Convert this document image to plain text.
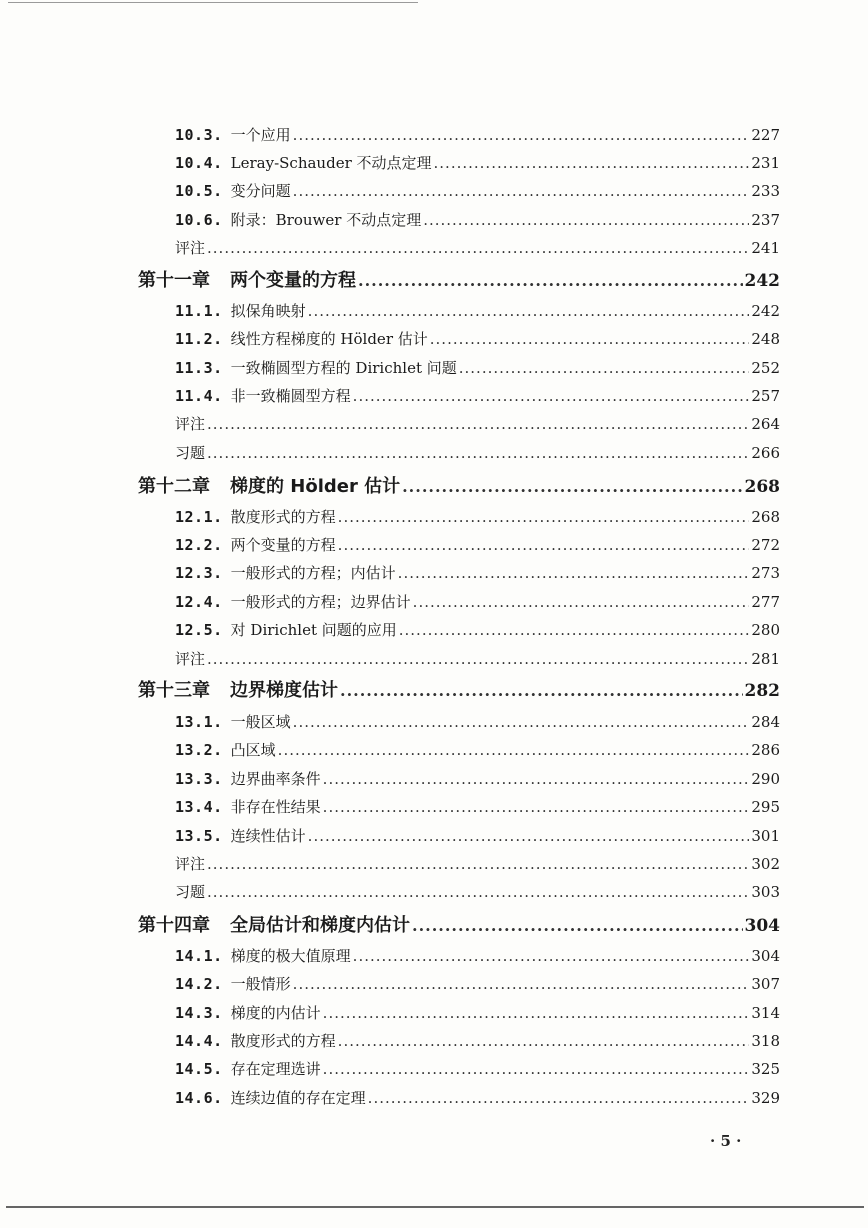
10.3. 一个应用 .....	227
10.4. Leray-Schauder 不动点定理 .....	231
10.5. 变分问题 .....	233
10.6. 附录：Brouwer 不动点定理 .....	237
评注 .....	241
第十一章 两个变量的方程 .....	242
11.1. 拟保角映射 .....	242
11.2. 线性方程梯度的 Hölder 估计 .....	248
11.3. 一致椭圆型方程的 Dirichlet 问题 .....	252
11.4. 非一致椭圆型方程 .....	257
评注 .....	264
习题 .....	266
第十二章 梯度的 Hölder 估计 .....	268
12.1. 散度形式的方程 .....	268
12.2. 两个变量的方程 .....	272
12.3. 一般形式的方程；内估计 .....	273
12.4. 一般形式的方程；边界估计 .....	277
12.5. 对 Dirichlet 问题的应用 .....	280
评注 .....	281
第十三章 边界梯度估计 .....	282
13.1. 一般区域 .....	284
13.2. 凸区域 .....	286
13.3. 边界曲率条件 .....	290
13.4. 非存在性结果 .....	295
13.5. 连续性估计 .....	301
评注 .....	302
习题 .....	303
第十四章 全局估计和梯度内估计 .....	304
14.1. 梯度的极大值原理 .....	304
14.2. 一般情形 .....	307
14.3. 梯度的内估计 .....	314
14.4. 散度形式的方程 .....	318
14.5. 存在定理选讲 .....	325
14.6. 连续边值的存在定理 .....	329
· 5 ·
